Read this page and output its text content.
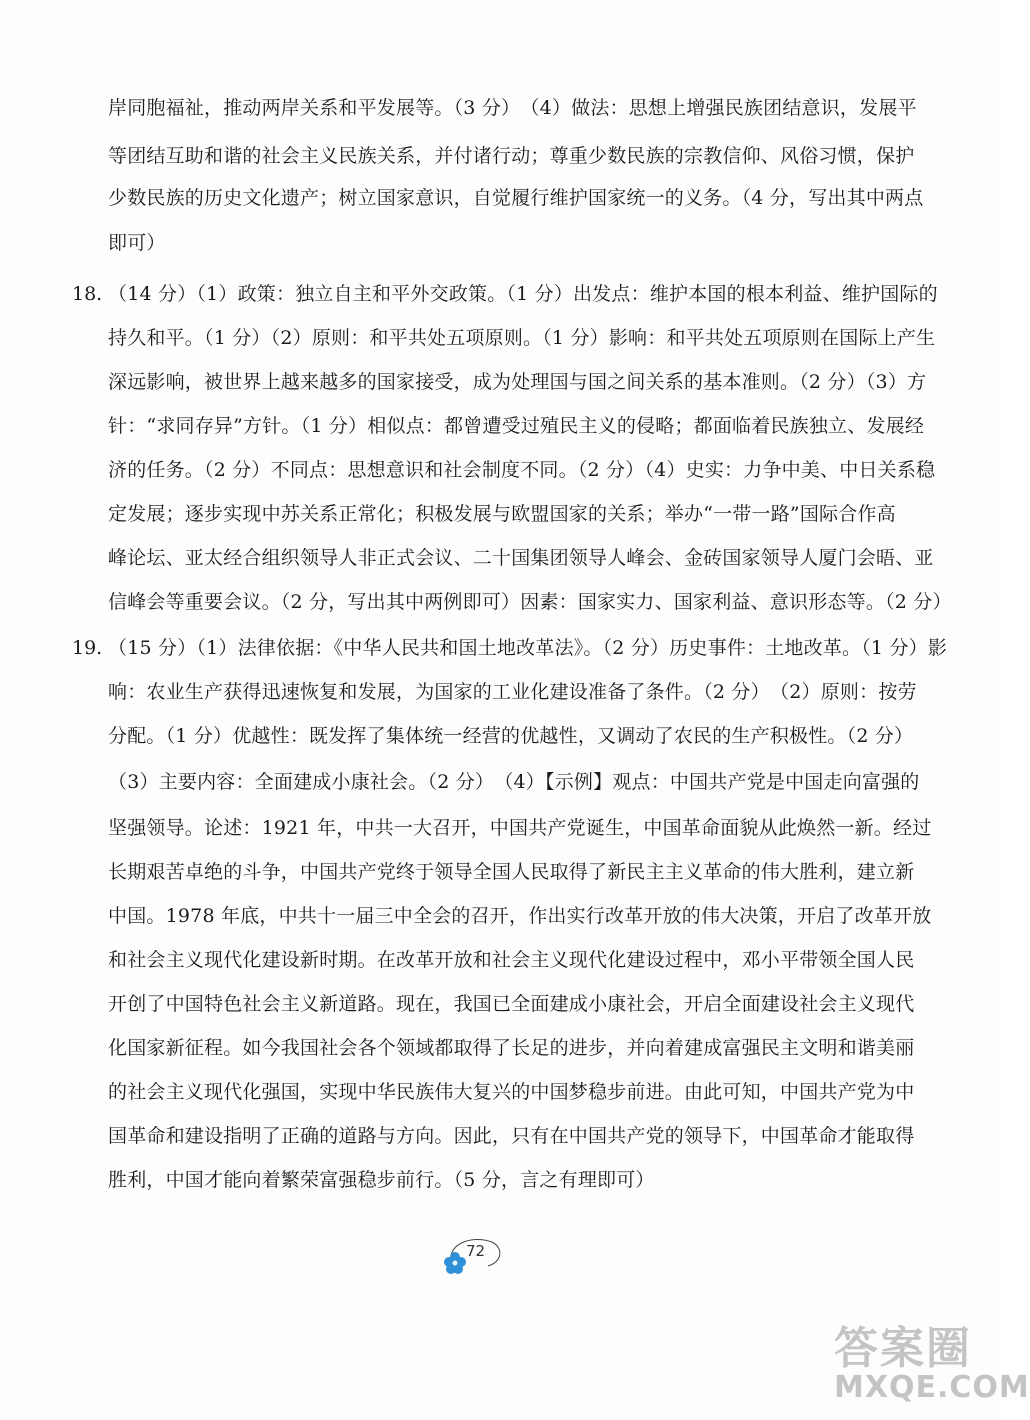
岸同胞福祉，推动两岸关系和平发展等。（3 分）　（4）做法：思想上增强民族团结意识，发展平
等团结互助和谐的社会主义民族关系，并付诸行动；尊重少数民族的宗教信仰、风俗习惯，保护
少数民族的历史文化遗产；树立国家意识，自觉履行维护国家统一的义务。（4 分，写出其中两点
即可）
18. （14 分）（1）政策：独立自主和平外交政策。（1 分）出发点：维护本国的根本利益、维护国际的
持久和平。（1 分）（2）原则：和平共处五项原则。（1 分）影响：和平共处五项原则在国际上产生
深远影响，被世界上越来越多的国家接受，成为处理国与国之间关系的基本准则。（2 分）（3）方
针：“求同存异”方针。（1 分）相似点：都曾遭受过殖民主义的侵略；都面临着民族独立、发展经
济的任务。（2 分）不同点：思想意识和社会制度不同。（2 分）（4）史实：力争中美、中日关系稳
定发展；逐步实现中苏关系正常化；积极发展与欧盟国家的关系；举办“一带一路”国际合作高
峰论坛、亚太经合组织领导人非正式会议、二十国集团领导人峰会、金砖国家领导人厦门会晤、亚
信峰会等重要会议。（2 分，写出其中两例即可）因素：国家实力、国家利益、意识形态等。（2 分）
19. （15 分）（1）法律依据：《中华人民共和国土地改革法》。（2 分）历史事件：土地改革。（1 分）影
响：农业生产获得迅速恢复和发展，为国家的工业化建设准备了条件。（2 分）　（2）原则：按劳
分配。（1 分）优越性：既发挥了集体统一经营的优越性，又调动了农民的生产积极性。（2 分）
（3）主要内容：全面建成小康社会。（2 分）　（4）【示例】观点：中国共产党是中国走向富强的
坚强领导。论述：1921 年，中共一大召开，中国共产党诞生，中国革命面貌从此焕然一新。经过
长期艰苦卓绝的斗争，中国共产党终于领导全国人民取得了新民主主义革命的伟大胜利，建立新
中国。1978 年底，中共十一届三中全会的召开，作出实行改革开放的伟大决策，开启了改革开放
和社会主义现代化建设新时期。在改革开放和社会主义现代化建设过程中，邓小平带领全国人民
开创了中国特色社会主义新道路。现在，我国已全面建成小康社会，开启全面建设社会主义现代
化国家新征程。如今我国社会各个领域都取得了长足的进步，并向着建成富强民主文明和谐美丽
的社会主义现代化强国，实现中华民族伟大复兴的中国梦稳步前进。由此可知，中国共产党为中
国革命和建设指明了正确的道路与方向。因此，只有在中国共产党的领导下，中国革命才能取得
胜利，中国才能向着繁荣富强稳步前行。（5 分，言之有理即可）
72
答案圈
MXQE.COM
